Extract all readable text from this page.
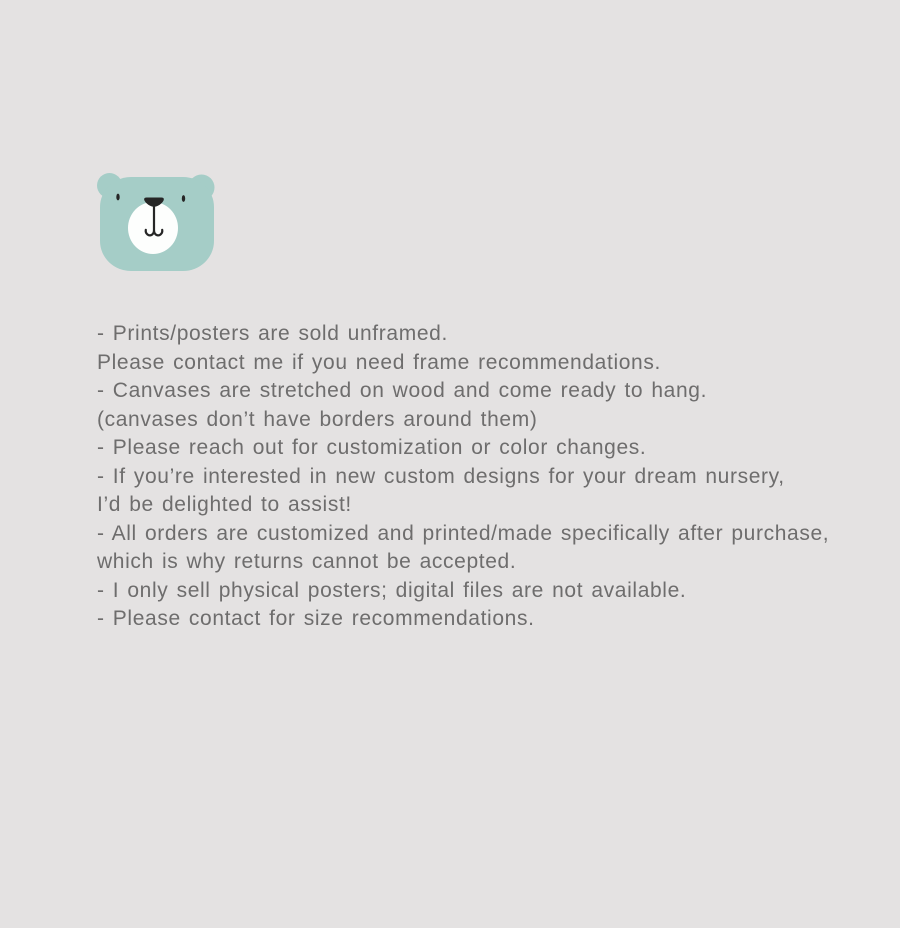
- Prints/posters are sold unframed.
Please contact me if you need frame recommendations.
- Canvases are stretched on wood and come ready to hang.
(canvases don’t have borders around them)
- Please reach out for customization or color changes.
- If you’re interested in new custom designs for your dream nursery,
I’d be delighted to assist!
- All orders are customized and printed/made specifically after purchase,
which is why returns cannot be accepted.
- I only sell physical posters; digital files are not available.
- Please contact for size recommendations.
